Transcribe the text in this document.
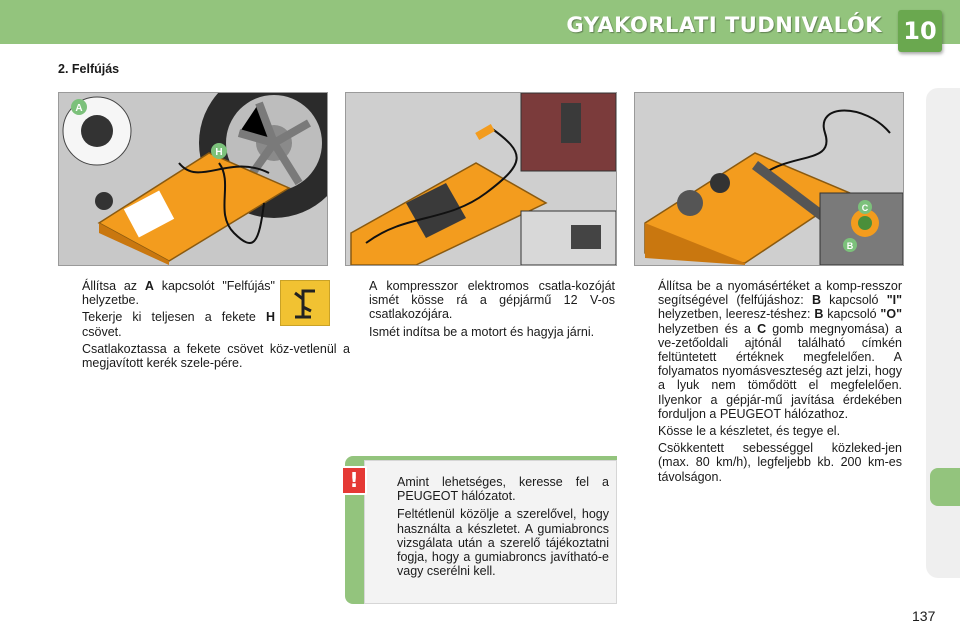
GYAKORLATI TUDNIVALÓK 10
2. Felfújás
A
H
C
B
Állítsa az A kapcsolót "Felfújás" helyzetbe.
Tekerje ki teljesen a fekete H csövet.
Csatlakoztassa a fekete csövet köz-vetlenül a megjavított kerék szele-pére.
A kompresszor elektromos csatla-kozóját ismét kösse rá a gépjármű 12 V-os csatlakozójára.
Ismét indítsa be a motort és hagyja járni.
Állítsa be a nyomásértéket a komp-resszor segítségével (felfújáshoz: B kapcsoló "I" helyzetben, leeresz-téshez: B kapcsoló "O" helyzetben és a C gomb megnyomása) a ve-zetőoldali ajtónál található címkén feltüntetett értéknek megfelelően. A folyamatos nyomásveszteség azt jelzi, hogy a lyuk nem tömődött el megfelelően. Ilyenkor a gépjár-mű javítása érdekében forduljon a PEUGEOT hálózathoz.
Kösse le a készletet, és tegye el.
Csökkentett sebességgel közleked-jen (max. 80 km/h), legfeljebb kb. 200 km-es távolságon.
Amint lehetséges, keresse fel a PEUGEOT hálózatot.
Feltétlenül közölje a szerelővel, hogy használta a készletet. A gumiabroncs vizsgálata után a szerelő tájékoztatni fogja, hogy a gumiabroncs javítható-e vagy cserélni kell.
!
137
